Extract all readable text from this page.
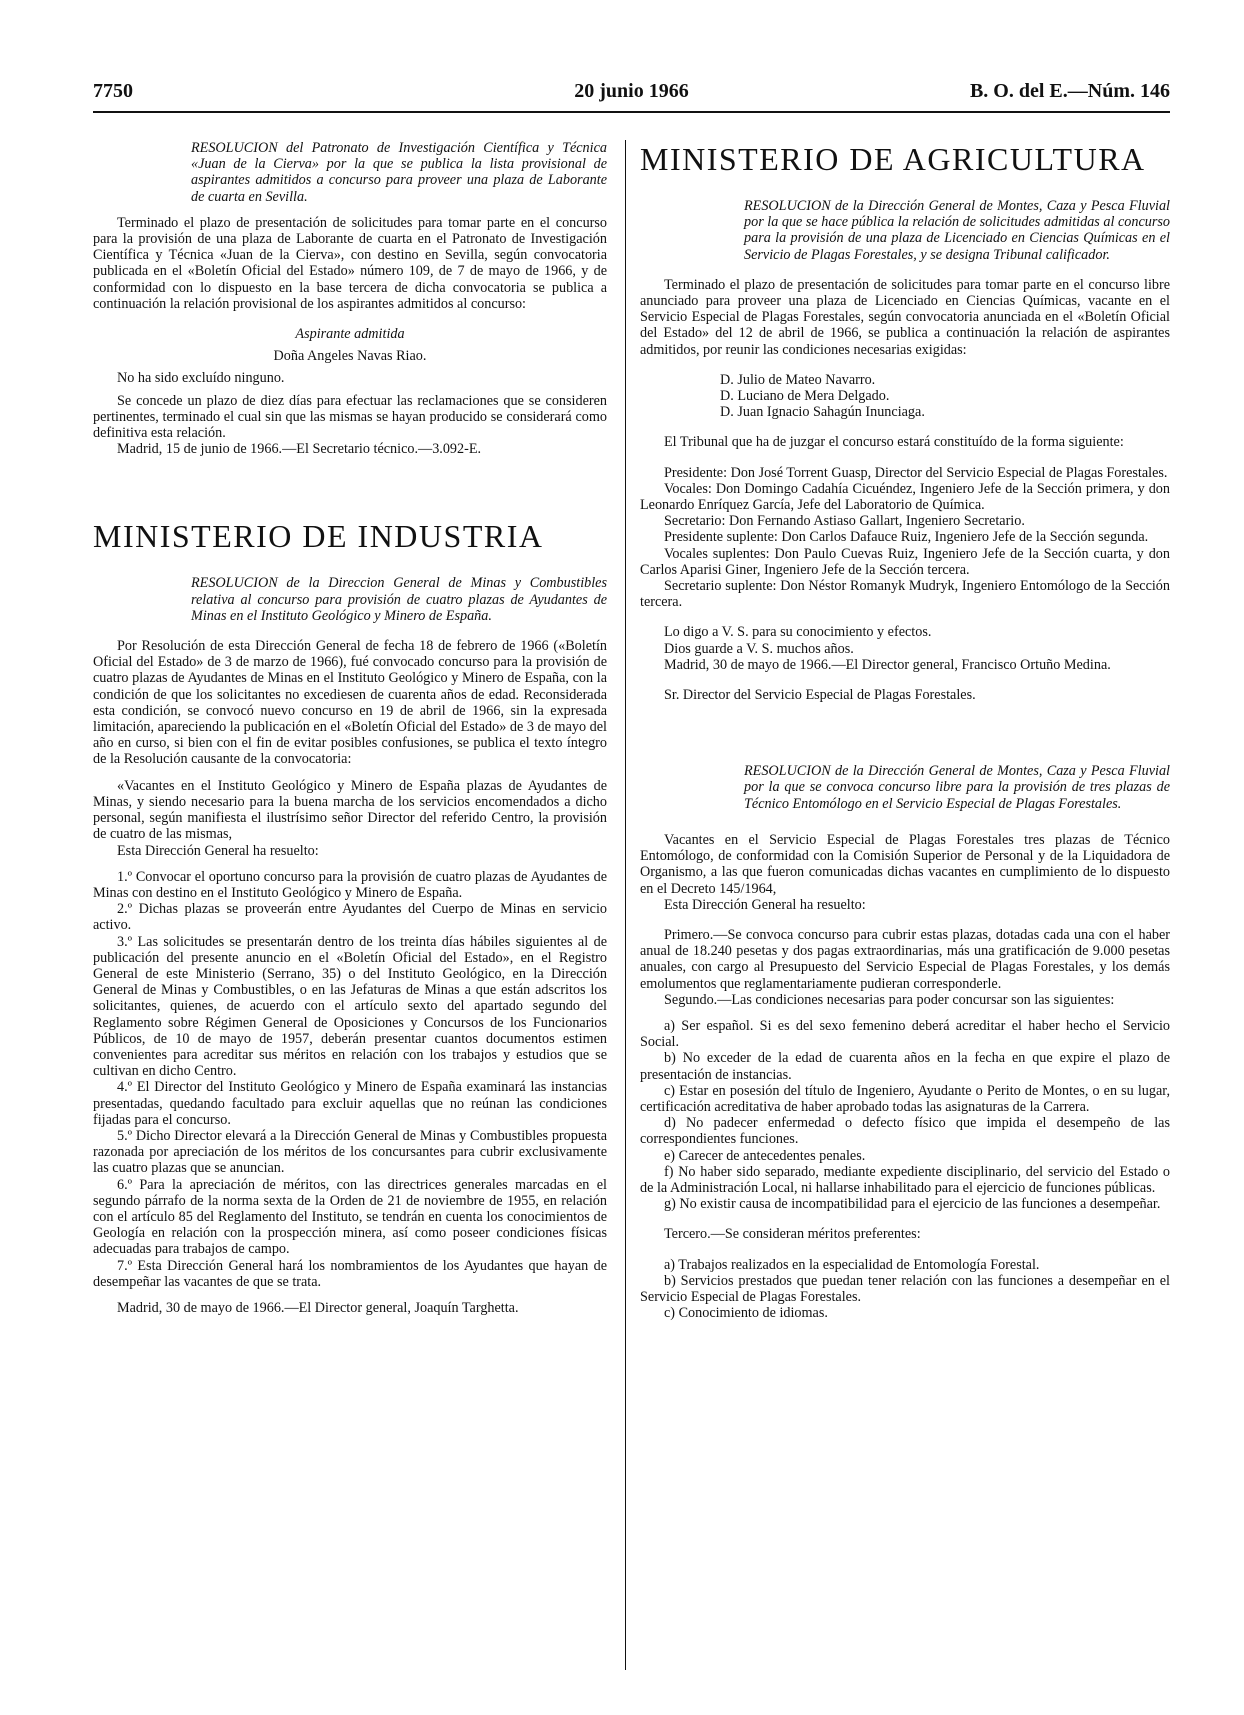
7750	20 junio 1966	B. O. del E.—Núm. 146
RESOLUCION del Patronato de Investigación Científica y Técnica «Juan de la Cierva» por la que se publica la lista provisional de aspirantes admitidos a concurso para proveer una plaza de Laborante de cuarta en Sevilla.

Terminado el plazo de presentación de solicitudes para tomar parte en el concurso para la provisión de una plaza de Laborante de cuarta en el Patronato de Investigación Científica y Técnica «Juan de la Cierva», con destino en Sevilla, según convocatoria publicada en el «Boletín Oficial del Estado» número 109, de 7 de mayo de 1966, y de conformidad con lo dispuesto en la base tercera de dicha convocatoria se publica a continuación la relación provisional de los aspirantes admitidos al concurso:

Aspirante admitida

Doña Angeles Navas Riao.

No ha sido excluído ninguno.

Se concede un plazo de diez días para efectuar las reclamaciones que se consideren pertinentes, terminado el cual sin que las mismas se hayan producido se considerará como definitiva esta relación.

Madrid, 15 de junio de 1966.—El Secretario técnico.—3.092-E.

MINISTERIO DE INDUSTRIA
RESOLUCION de la Direccion General de Minas y Combustibles relativa al concurso para provisión de cuatro plazas de Ayudantes de Minas en el Instituto Geológico y Minero de España.

Por Resolución de esta Dirección General de fecha 18 de febrero de 1966 («Boletín Oficial del Estado» de 3 de marzo de 1966), fué convocado concurso para la provisión de cuatro plazas de Ayudantes de Minas en el Instituto Geológico y Minero de España, con la condición de que los solicitantes no excediesen de cuarenta años de edad. Reconsiderada esta condición, se convocó nuevo concurso en 19 de abril de 1966, sin la expresada limitación, apareciendo la publicación en el «Boletín Oficial del Estado» de 3 de mayo del año en curso, si bien con el fin de evitar posibles confusiones, se publica el texto íntegro de la Resolución causante de la convocatoria:

«Vacantes en el Instituto Geológico y Minero de España plazas de Ayudantes de Minas, y siendo necesario para la buena marcha de los servicios encomendados a dicho personal, según manifiesta el ilustrísimo señor Director del referido Centro, la provisión de cuatro de las mismas,

Esta Dirección General ha resuelto:

1.º Convocar el oportuno concurso para la provisión de cuatro plazas de Ayudantes de Minas con destino en el Instituto Geológico y Minero de España.

2.º Dichas plazas se proveerán entre Ayudantes del Cuerpo de Minas en servicio activo.

3.º Las solicitudes se presentarán dentro de los treinta días hábiles siguientes al de publicación del presente anuncio en el «Boletín Oficial del Estado», en el Registro General de este Ministerio (Serrano, 35) o del Instituto Geológico, en la Dirección General de Minas y Combustibles, o en las Jefaturas de Minas a que están adscritos los solicitantes, quienes, de acuerdo con el artículo sexto del apartado segundo del Reglamento sobre Régimen General de Oposiciones y Concursos de los Funcionarios Públicos, de 10 de mayo de 1957, deberán presentar cuantos documentos estimen convenientes para acreditar sus méritos en relación con los trabajos y estudios que se cultivan en dicho Centro.

4.º El Director del Instituto Geológico y Minero de España examinará las instancias presentadas, quedando facultado para excluir aquellas que no reúnan las condiciones fijadas para el concurso.

5.º Dicho Director elevará a la Dirección General de Minas y Combustibles propuesta razonada por apreciación de los méritos de los concursantes para cubrir exclusivamente las cuatro plazas que se anuncian.

6.º Para la apreciación de méritos, con las directrices generales marcadas en el segundo párrafo de la norma sexta de la Orden de 21 de noviembre de 1955, en relación con el artículo 85 del Reglamento del Instituto, se tendrán en cuenta los conocimientos de Geología en relación con la prospección minera, así como poseer condiciones físicas adecuadas para trabajos de campo.

7.º Esta Dirección General hará los nombramientos de los Ayudantes que hayan de desempeñar las vacantes de que se trata.

Madrid, 30 de mayo de 1966.—El Director general, Joaquín Targhetta.

MINISTERIO DE AGRICULTURA
RESOLUCION de la Dirección General de Montes, Caza y Pesca Fluvial por la que se hace pública la relación de solicitudes admitidas al concurso para la provisión de una plaza de Licenciado en Ciencias Químicas en el Servicio de Plagas Forestales, y se designa Tribunal calificador.

Terminado el plazo de presentación de solicitudes para tomar parte en el concurso libre anunciado para proveer una plaza de Licenciado en Ciencias Químicas, vacante en el Servicio Especial de Plagas Forestales, según convocatoria anunciada en el «Boletín Oficial del Estado» del 12 de abril de 1966, se publica a continuación la relación de aspirantes admitidos, por reunir las condiciones necesarias exigidas:

D. Julio de Mateo Navarro.

D. Luciano de Mera Delgado.

D. Juan Ignacio Sahagún Inunciaga.

El Tribunal que ha de juzgar el concurso estará constituído de la forma siguiente:

Presidente: Don José Torrent Guasp, Director del Servicio Especial de Plagas Forestales.

Vocales: Don Domingo Cadahía Cicuéndez, Ingeniero Jefe de la Sección primera, y don Leonardo Enríquez García, Jefe del Laboratorio de Química.

Secretario: Don Fernando Astiaso Gallart, Ingeniero Secretario.

Presidente suplente: Don Carlos Dafauce Ruiz, Ingeniero Jefe de la Sección segunda.

Vocales suplentes: Don Paulo Cuevas Ruiz, Ingeniero Jefe de la Sección cuarta, y don Carlos Aparisi Giner, Ingeniero Jefe de la Sección tercera.

Secretario suplente: Don Néstor Romanyk Mudryk, Ingeniero Entomólogo de la Sección tercera.

Lo digo a V. S. para su conocimiento y efectos.

Dios guarde a V. S. muchos años.

Madrid, 30 de mayo de 1966.—El Director general, Francisco Ortuño Medina.

Sr. Director del Servicio Especial de Plagas Forestales.

RESOLUCION de la Dirección General de Montes, Caza y Pesca Fluvial por la que se convoca concurso libre para la provisión de tres plazas de Técnico Entomólogo en el Servicio Especial de Plagas Forestales.

Vacantes en el Servicio Especial de Plagas Forestales tres plazas de Técnico Entomólogo, de conformidad con la Comisión Superior de Personal y de la Liquidadora de Organismo, a las que fueron comunicadas dichas vacantes en cumplimiento de lo dispuesto en el Decreto 145/1964,

Esta Dirección General ha resuelto:

Primero.—Se convoca concurso para cubrir estas plazas, dotadas cada una con el haber anual de 18.240 pesetas y dos pagas extraordinarias, más una gratificación de 9.000 pesetas anuales, con cargo al Presupuesto del Servicio Especial de Plagas Forestales, y los demás emolumentos que reglamentariamente pudieran corresponderle.

Segundo.—Las condiciones necesarias para poder concursar son las siguientes:

a) Ser español. Si es del sexo femenino deberá acreditar el haber hecho el Servicio Social.

b) No exceder de la edad de cuarenta años en la fecha en que expire el plazo de presentación de instancias.

c) Estar en posesión del título de Ingeniero, Ayudante o Perito de Montes, o en su lugar, certificación acreditativa de haber aprobado todas las asignaturas de la Carrera.

d) No padecer enfermedad o defecto físico que impida el desempeño de las correspondientes funciones.

e) Carecer de antecedentes penales.

f) No haber sido separado, mediante expediente disciplinario, del servicio del Estado o de la Administración Local, ni hallarse inhabilitado para el ejercicio de funciones públicas.

g) No existir causa de incompatibilidad para el ejercicio de las funciones a desempeñar.

Tercero.—Se consideran méritos preferentes:

a) Trabajos realizados en la especialidad de Entomología Forestal.

b) Servicios prestados que puedan tener relación con las funciones a desempeñar en el Servicio Especial de Plagas Forestales.

c) Conocimiento de idiomas.
